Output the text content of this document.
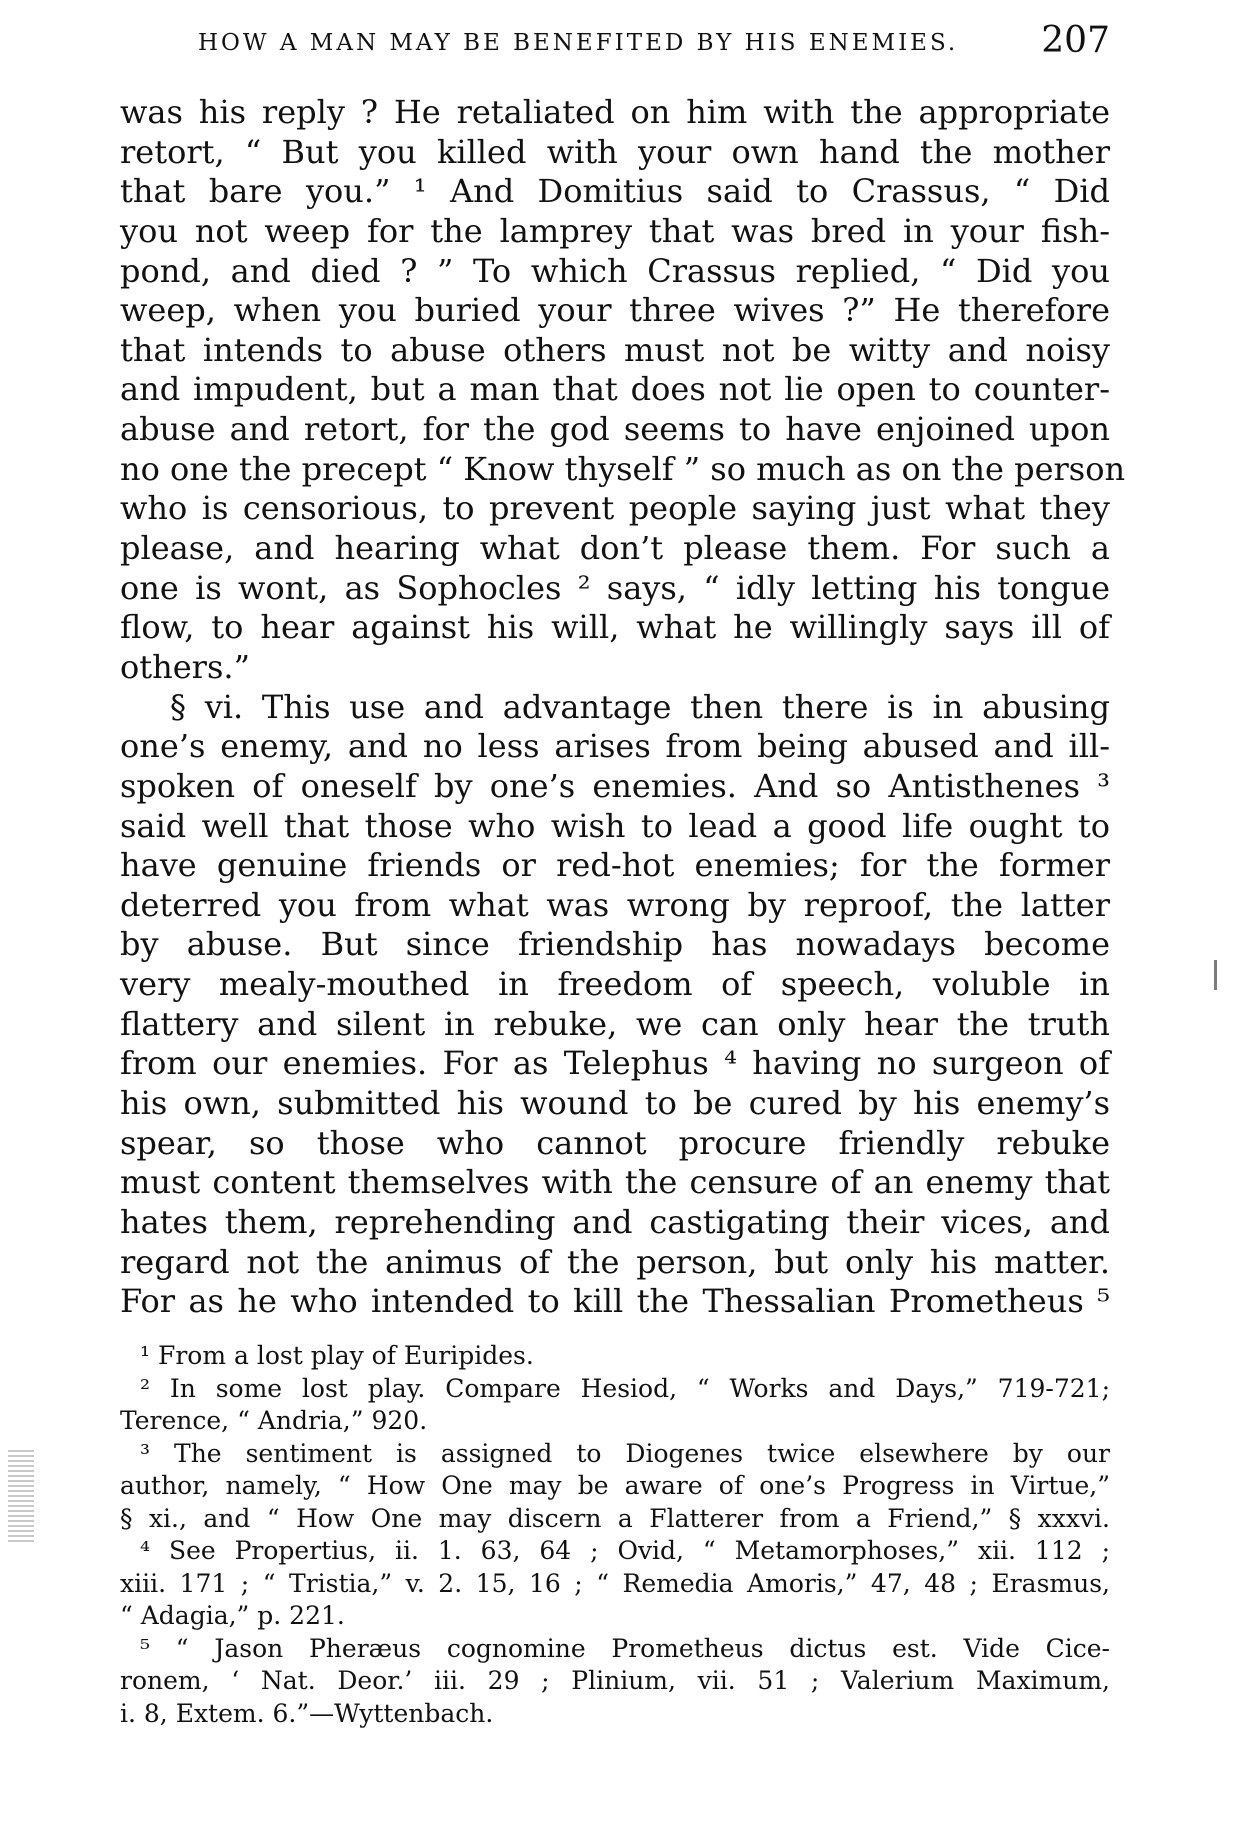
HOW A MAN MAY BE BENEFITED BY HIS ENEMIES. 207
was his reply ? He retaliated on him with the appropriate
retort, “ But you killed with your own hand the mother
that bare you.” ¹ And Domitius said to Crassus, “ Did
you not weep for the lamprey that was bred in your fish-
pond, and died ? ” To which Crassus replied, “ Did you
weep, when you buried your three wives ?” He therefore
that intends to abuse others must not be witty and noisy
and impudent, but a man that does not lie open to counter-
abuse and retort, for the god seems to have enjoined upon
no one the precept “ Know thyself ” so much as on the person
who is censorious, to prevent people saying just what they
please, and hearing what don’t please them. For such a
one is wont, as Sophocles ² says, “ idly letting his tongue
flow, to hear against his will, what he willingly says ill of
others.”
§ vi. This use and advantage then there is in abusing
one’s enemy, and no less arises from being abused and ill-
spoken of oneself by one’s enemies. And so Antisthenes ³
said well that those who wish to lead a good life ought to
have genuine friends or red-hot enemies; for the former
deterred you from what was wrong by reproof, the latter
by abuse. But since friendship has nowadays become
very mealy-mouthed in freedom of speech, voluble in
flattery and silent in rebuke, we can only hear the truth
from our enemies. For as Telephus ⁴ having no surgeon of
his own, submitted his wound to be cured by his enemy’s
spear, so those who cannot procure friendly rebuke
must content themselves with the censure of an enemy that
hates them, reprehending and castigating their vices, and
regard not the animus of the person, but only his matter.
For as he who intended to kill the Thessalian Prometheus ⁵
¹ From a lost play of Euripides.
² In some lost play. Compare Hesiod, “ Works and Days,” 719-721;
Terence, “ Andria,” 920.
³ The sentiment is assigned to Diogenes twice elsewhere by our
author, namely, “ How One may be aware of one’s Progress in Virtue,”
§ xi., and “ How One may discern a Flatterer from a Friend,” § xxxvi.
⁴ See Propertius, ii. 1. 63, 64 ; Ovid, “ Metamorphoses,” xii. 112 ;
xiii. 171 ; “ Tristia,” v. 2. 15, 16 ; “ Remedia Amoris,” 47, 48 ; Erasmus,
“ Adagia,” p. 221.
⁵ “ Jason Pheræus cognomine Prometheus dictus est. Vide Cice-
ronem, ‘ Nat. Deor.’ iii. 29 ; Plinium, vii. 51 ; Valerium Maximum,
i. 8, Extem. 6.”—Wyttenbach.
